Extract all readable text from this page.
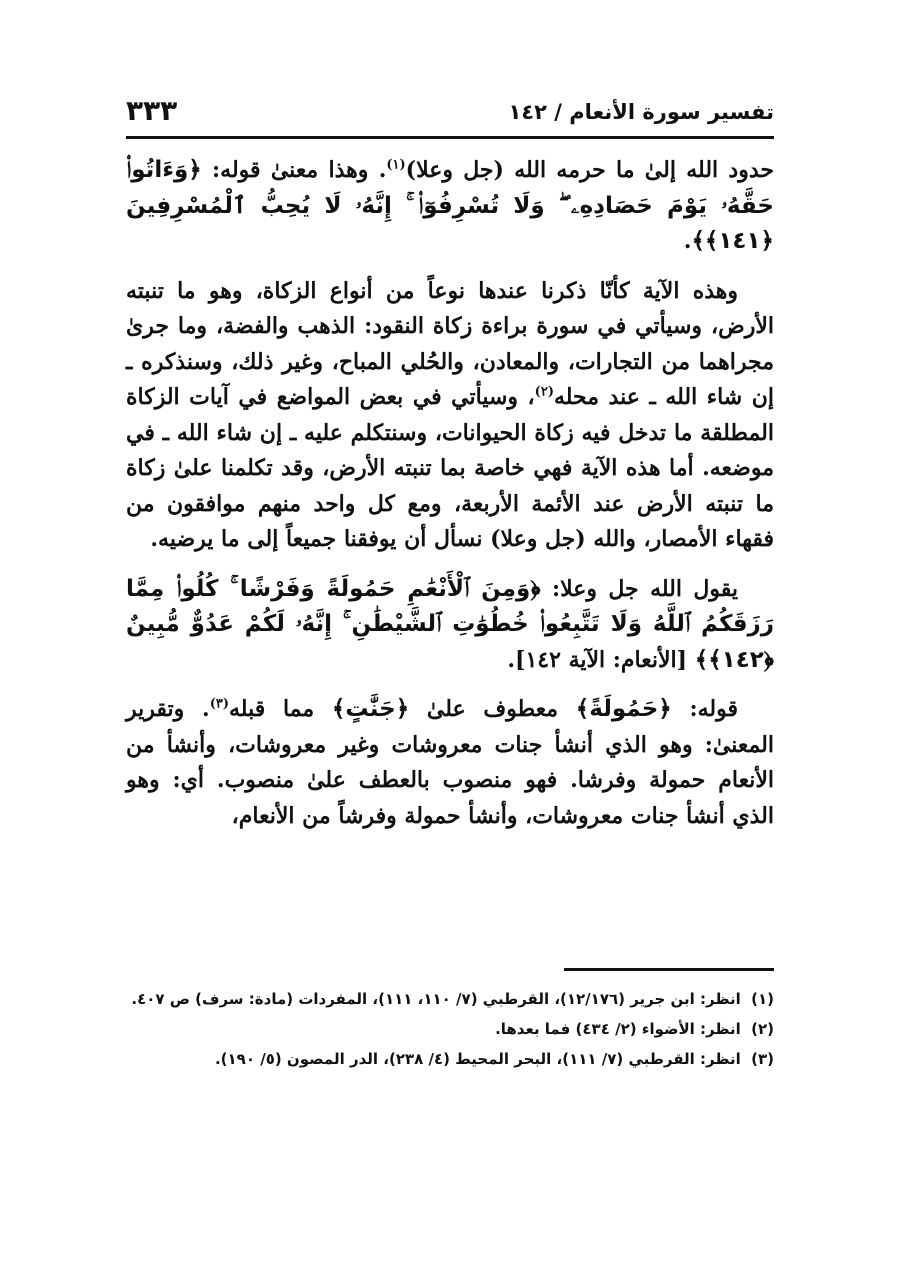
تفسير سورة الأنعام / ١٤٢
٣٣٣

حدود الله إلىٰ ما حرمه الله (جل وعلا)$^{(١)}$. وهذا معنىٰ قوله: ﴿وَءَاتُوا۟ حَقَّهُۥ يَوْمَ حَصَادِهِۦ ۖ وَلَا تُسْرِفُوٓا۟ ۚ إِنَّهُۥ لَا يُحِبُّ ٱلْمُسْرِفِينَ ﴿١٤١﴾﴾.

وهذه الآية كأنّا ذكرنا عندها نوعاً من أنواع الزكاة، وهو ما تنبته الأرض، وسيأتي في سورة براءة زكاة النقود: الذهب والفضة، وما جرىٰ مجراهما من التجارات، والمعادن، والحُلي المباح، وغير ذلك، وسنذكره ـ إن شاء الله ـ عند محله$^{(٢)}$، وسيأتي في بعض المواضع في آيات الزكاة المطلقة ما تدخل فيه زكاة الحيوانات، وسنتكلم عليه ـ إن شاء الله ـ في موضعه. أما هذه الآية فهي خاصة بما تنبته الأرض، وقد تكلمنا علىٰ زكاة ما تنبته الأرض عند الأئمة الأربعة، ومع كل واحد منهم موافقون من فقهاء الأمصار، والله (جل وعلا) نسأل أن يوفقنا جميعاً إلى ما يرضيه.

يقول الله جل وعلا: ﴿وَمِنَ ٱلْأَنْعَٰمِ حَمُولَةً وَفَرْشًا ۚ كُلُوا۟ مِمَّا رَزَقَكُمُ ٱللَّهُ وَلَا تَتَّبِعُوا۟ خُطُوَٰتِ ٱلشَّيْطَٰنِ ۚ إِنَّهُۥ لَكُمْ عَدُوٌّ مُّبِينٌ ﴿١٤٢﴾﴾ [الأنعام: الآية ١٤٢].

قوله: ﴿حَمُولَةً﴾ معطوف علىٰ ﴿جَنَّٰتٍ﴾ مما قبله$^{(٣)}$. وتقرير المعنىٰ: وهو الذي أنشأ جنات معروشات وغير معروشات، وأنشأ من الأنعام حمولة وفرشا. فهو منصوب بالعطف علىٰ منصوب. أي: وهو الذي أنشأ جنات معروشات، وأنشأ حمولة وفرشاً من الأنعام،

(١) انظر: ابن جرير (١٢/١٧٦)، القرطبي (٧/ ١١٠، ١١١)، المفردات (مادة: سرف) ص ٤٠٧.

(٢) انظر: الأضواء (٢/ ٤٣٤) فما بعدها.

(٣) انظر: القرطبي (٧/ ١١١)، البحر المحيط (٤/ ٢٣٨)، الدر المصون (٥/ ١٩٠).
